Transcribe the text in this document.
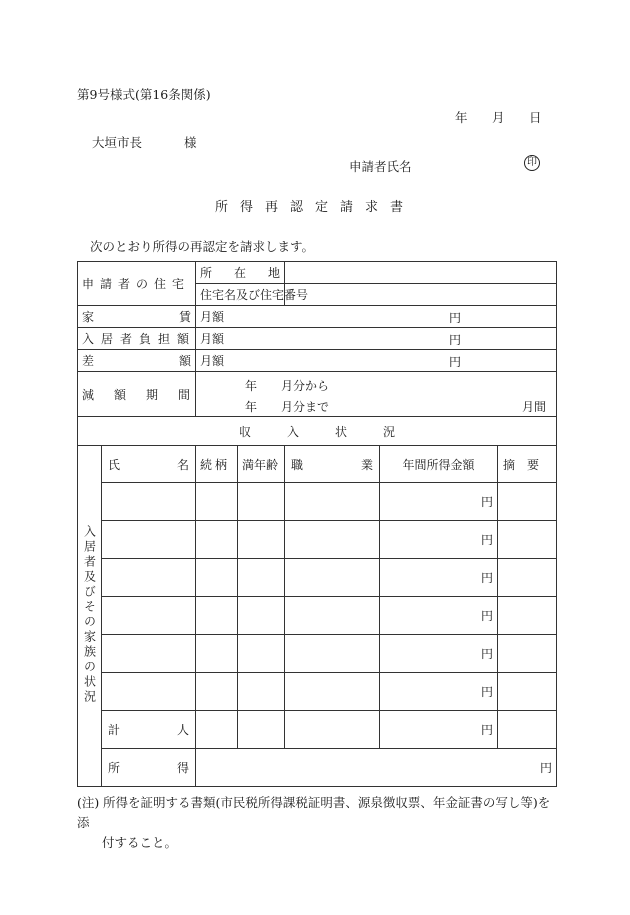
第9号様式(第16条関係)
年 月 日
大垣市長	様
申請者氏名	印
所得再認定請求書
次のとおり所得の再認定を請求します。
申請者の住宅		所在地				

		住宅名及び住宅番号				

家 賃		月額 円				

入居者負担額		月額 円				

差 額		月額 円				

減額期間		年　　月分から
年　　月分まで 月間				

収　　　入　　　状　　　況						
入居者及びその家族の状況	氏 名	続柄	満年齢	職 業	年間所得金額	摘要
					円	
					円	
					円	
					円	
					円	
					円	

	計 人				円	

	所 得	円				
(注) 所得を証明する書類(市民税所得課税証明書、源泉徴収票、年金証書の写し等)を添
付すること。
